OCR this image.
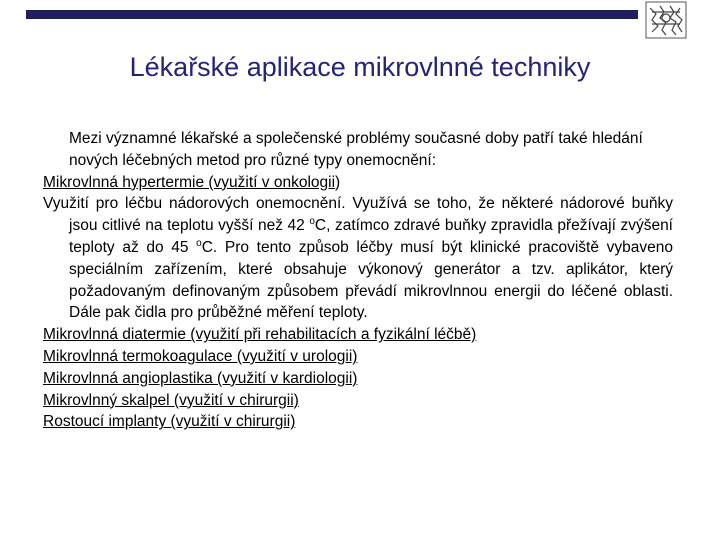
Lékařské aplikace mikrovlnné techniky

Mezi významné lékařské a společenské problémy současné doby patří také hledání nových léčebných metod pro různé typy onemocnění:

Mikrovlnná hypertermie (využití v onkologii)

Využití pro léčbu nádorových onemocnění. Využívá se toho, že některé nádorové buňky jsou citlivé na teplotu vyšší než 42 $^o$C, zatímco zdravé buňky zpravidla přežívají zvýšení teploty až do 45 $^o$C. Pro tento způsob léčby musí být klinické pracoviště vybaveno speciálním zařízením, které obsahuje výkonový generátor a tzv. aplikátor, který požadovaným definovaným způsobem převádí mikrovlnnou energii do léčené oblasti. Dále pak čidla pro průběžné měření teploty.

Mikrovlnná diatermie (využití při rehabilitacích a fyzikální léčbě)

Mikrovlnná termokoagulace (využití v urologii)

Mikrovlnná angioplastika (využití v kardiologii)

Mikrovlnný skalpel (využití v chirurgii)

Rostoucí implanty (využití v chirurgii)
